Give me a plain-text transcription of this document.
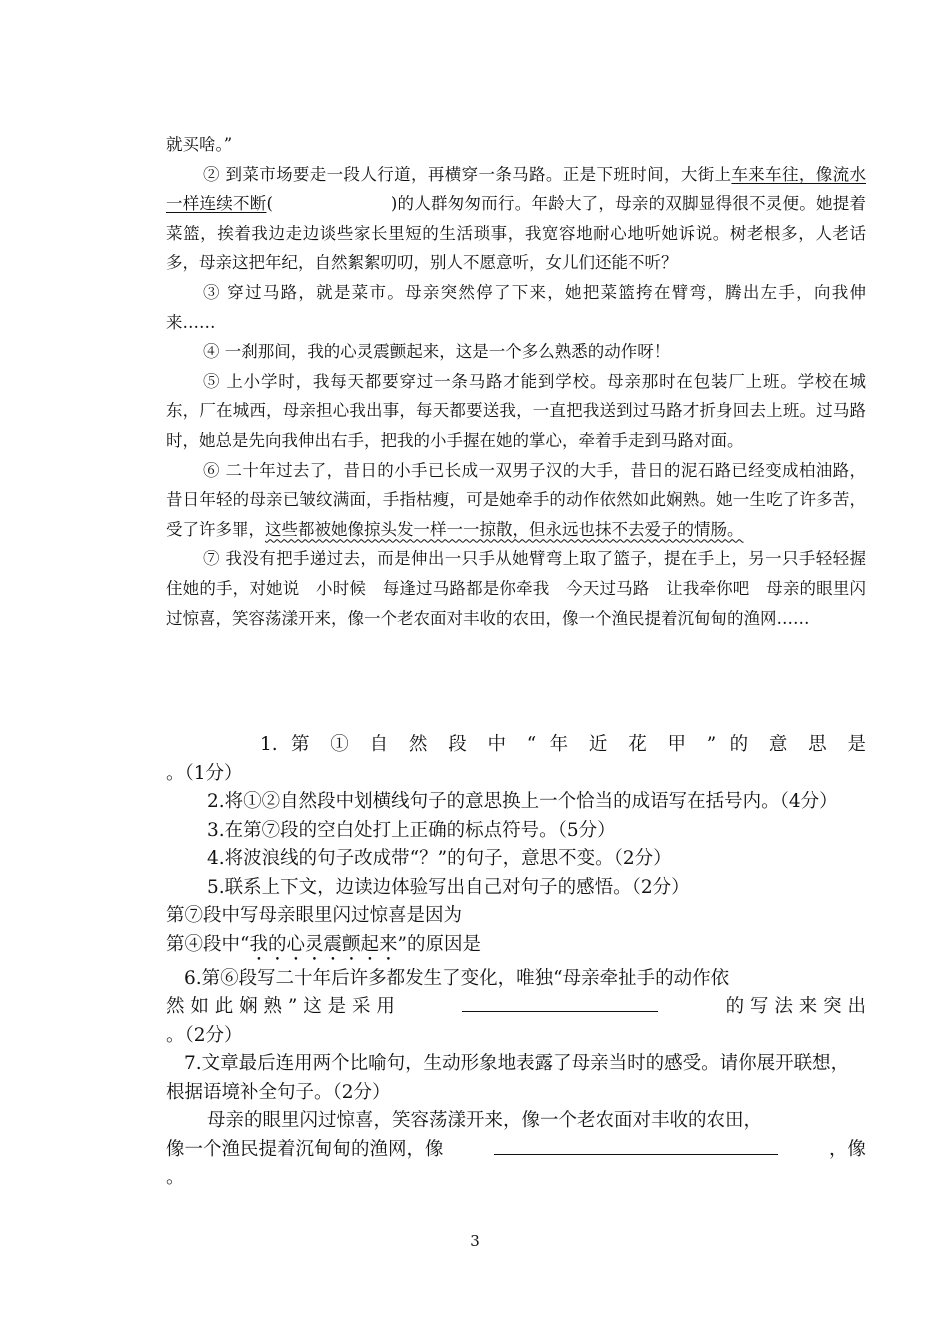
就买啥。”

② 到菜市场要走一段人行道，再横穿一条马路。正是下班时间，大街上车来车往，像流水一样连续不断(	)的人群匆匆而行。年龄大了，母亲的双脚显得很不灵便。她提着菜篮，挨着我边走边谈些家长里短的生活琐事，我宽容地耐心地听她诉说。树老根多，人老话多，母亲这把年纪，自然絮絮叨叨，别人不愿意听，女儿们还能不听？

③ 穿过马路，就是菜市。母亲突然停了下来，她把菜篮挎在臂弯，腾出左手，向我伸来……

④ 一刹那间，我的心灵震颤起来，这是一个多么熟悉的动作呀！

⑤ 上小学时，我每天都要穿过一条马路才能到学校。母亲那时在包装厂上班。学校在城东，厂在城西，母亲担心我出事，每天都要送我，一直把我送到过马路才折身回去上班。过马路时，她总是先向我伸出右手，把我的小手握在她的掌心，牵着手走到马路对面。

⑥ 二十年过去了，昔日的小手已长成一双男子汉的大手，昔日的泥石路已经变成柏油路，昔日年轻的母亲已皱纹满面，手指枯瘦，可是她牵手的动作依然如此娴熟。她一生吃了许多苦，受了许多罪，这些都被她像掠头发一样一一掠散，但永远也抹不去爱子的情肠。

⑦ 我没有把手递过去，而是伸出一只手从她臂弯上取了篮子，提在手上，另一只手轻轻握住她的手，对她说　小时候　每逢过马路都是你牵我　今天过马路　让我牵你吧　母亲的眼里闪过惊喜，笑容荡漾开来，像一个老农面对丰收的农田，像一个渔民提着沉甸甸的渔网……

1. 第 ① 自 然 段 中 “ 年 近 花 甲 ” 的 意 思 是
。（1分）
2.将①②自然段中划横线句子的意思换上一个恰当的成语写在括号内。（4分）
3.在第⑦段的空白处打上正确的标点符号。（5分）
4.将波浪线的句子改成带“？”的句子，意思不变。（2分）
5.联系上下文，边读边体验写出自己对句子的感悟。（2分）
第⑦段中写母亲眼里闪过惊喜是因为
第④段中“我的心灵震颤起来”的原因是
6.第⑥段写二十年后许多都发生了变化，唯独“母亲牵扯手的动作依
然 如 此 娴 熟 ” 这 是 采 用	的 写 法 来 突 出
。（2分）
7.文章最后连用两个比喻句，生动形象地表露了母亲当时的感受。请你展开联想，根据语境补全句子。（2分）
母亲的眼里闪过惊喜，笑容荡漾开来，像一个老农面对丰收的农田，
像一个渔民提着沉甸甸的渔网，像	，像
。
3
